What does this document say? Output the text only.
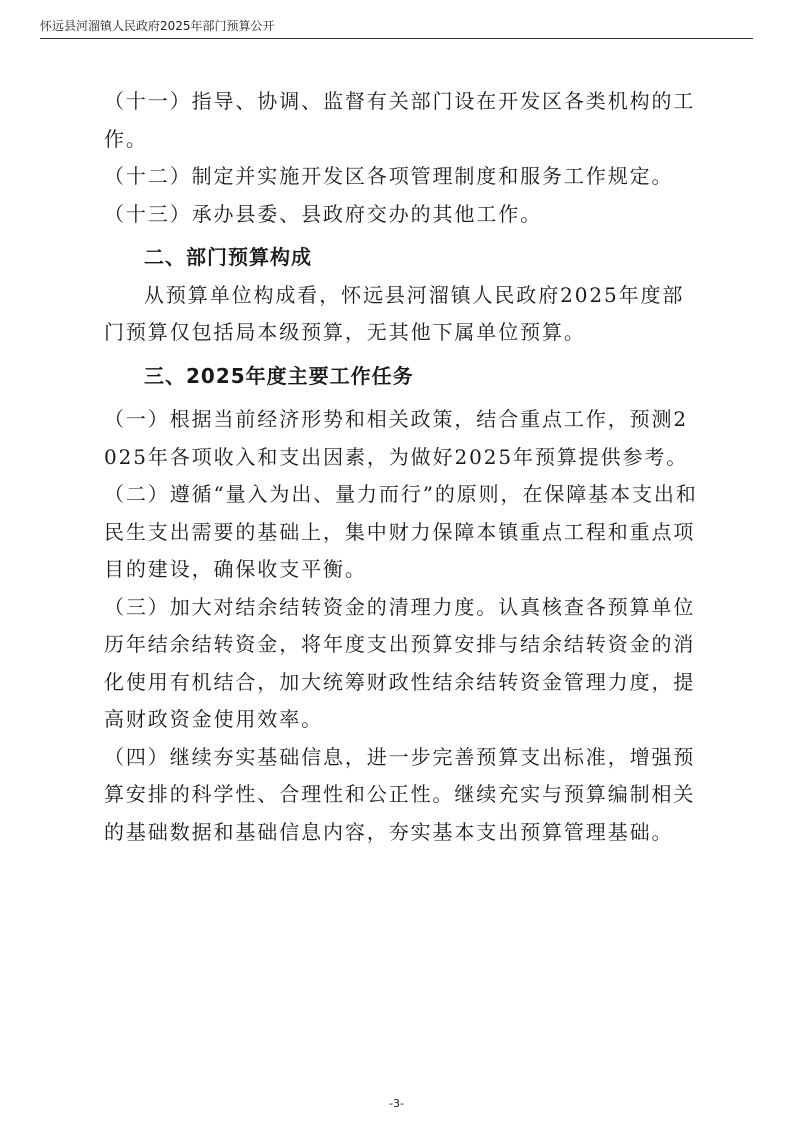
怀远县河溜镇人民政府2025年部门预算公开

（十一）指导、协调、监督有关部门设在开发区各类机构的工作。

（十二）制定并实施开发区各项管理制度和服务工作规定。

（十三）承办县委、县政府交办的其他工作。

二、部门预算构成

从预算单位构成看，怀远县河溜镇人民政府2025年度部门预算仅包括局本级预算，无其他下属单位预算。

三、2025年度主要工作任务

（一）根据当前经济形势和相关政策，结合重点工作，预测2025年各项收入和支出因素，为做好2025年预算提供参考。

（二）遵循“量入为出、量力而行”的原则，在保障基本支出和民生支出需要的基础上，集中财力保障本镇重点工程和重点项目的建设，确保收支平衡。

（三）加大对结余结转资金的清理力度。认真核查各预算单位历年结余结转资金，将年度支出预算安排与结余结转资金的消化使用有机结合，加大统筹财政性结余结转资金管理力度，提高财政资金使用效率。

（四）继续夯实基础信息，进一步完善预算支出标准，增强预算安排的科学性、合理性和公正性。继续充实与预算编制相关的基础数据和基础信息内容，夯实基本支出预算管理基础。

-3-
